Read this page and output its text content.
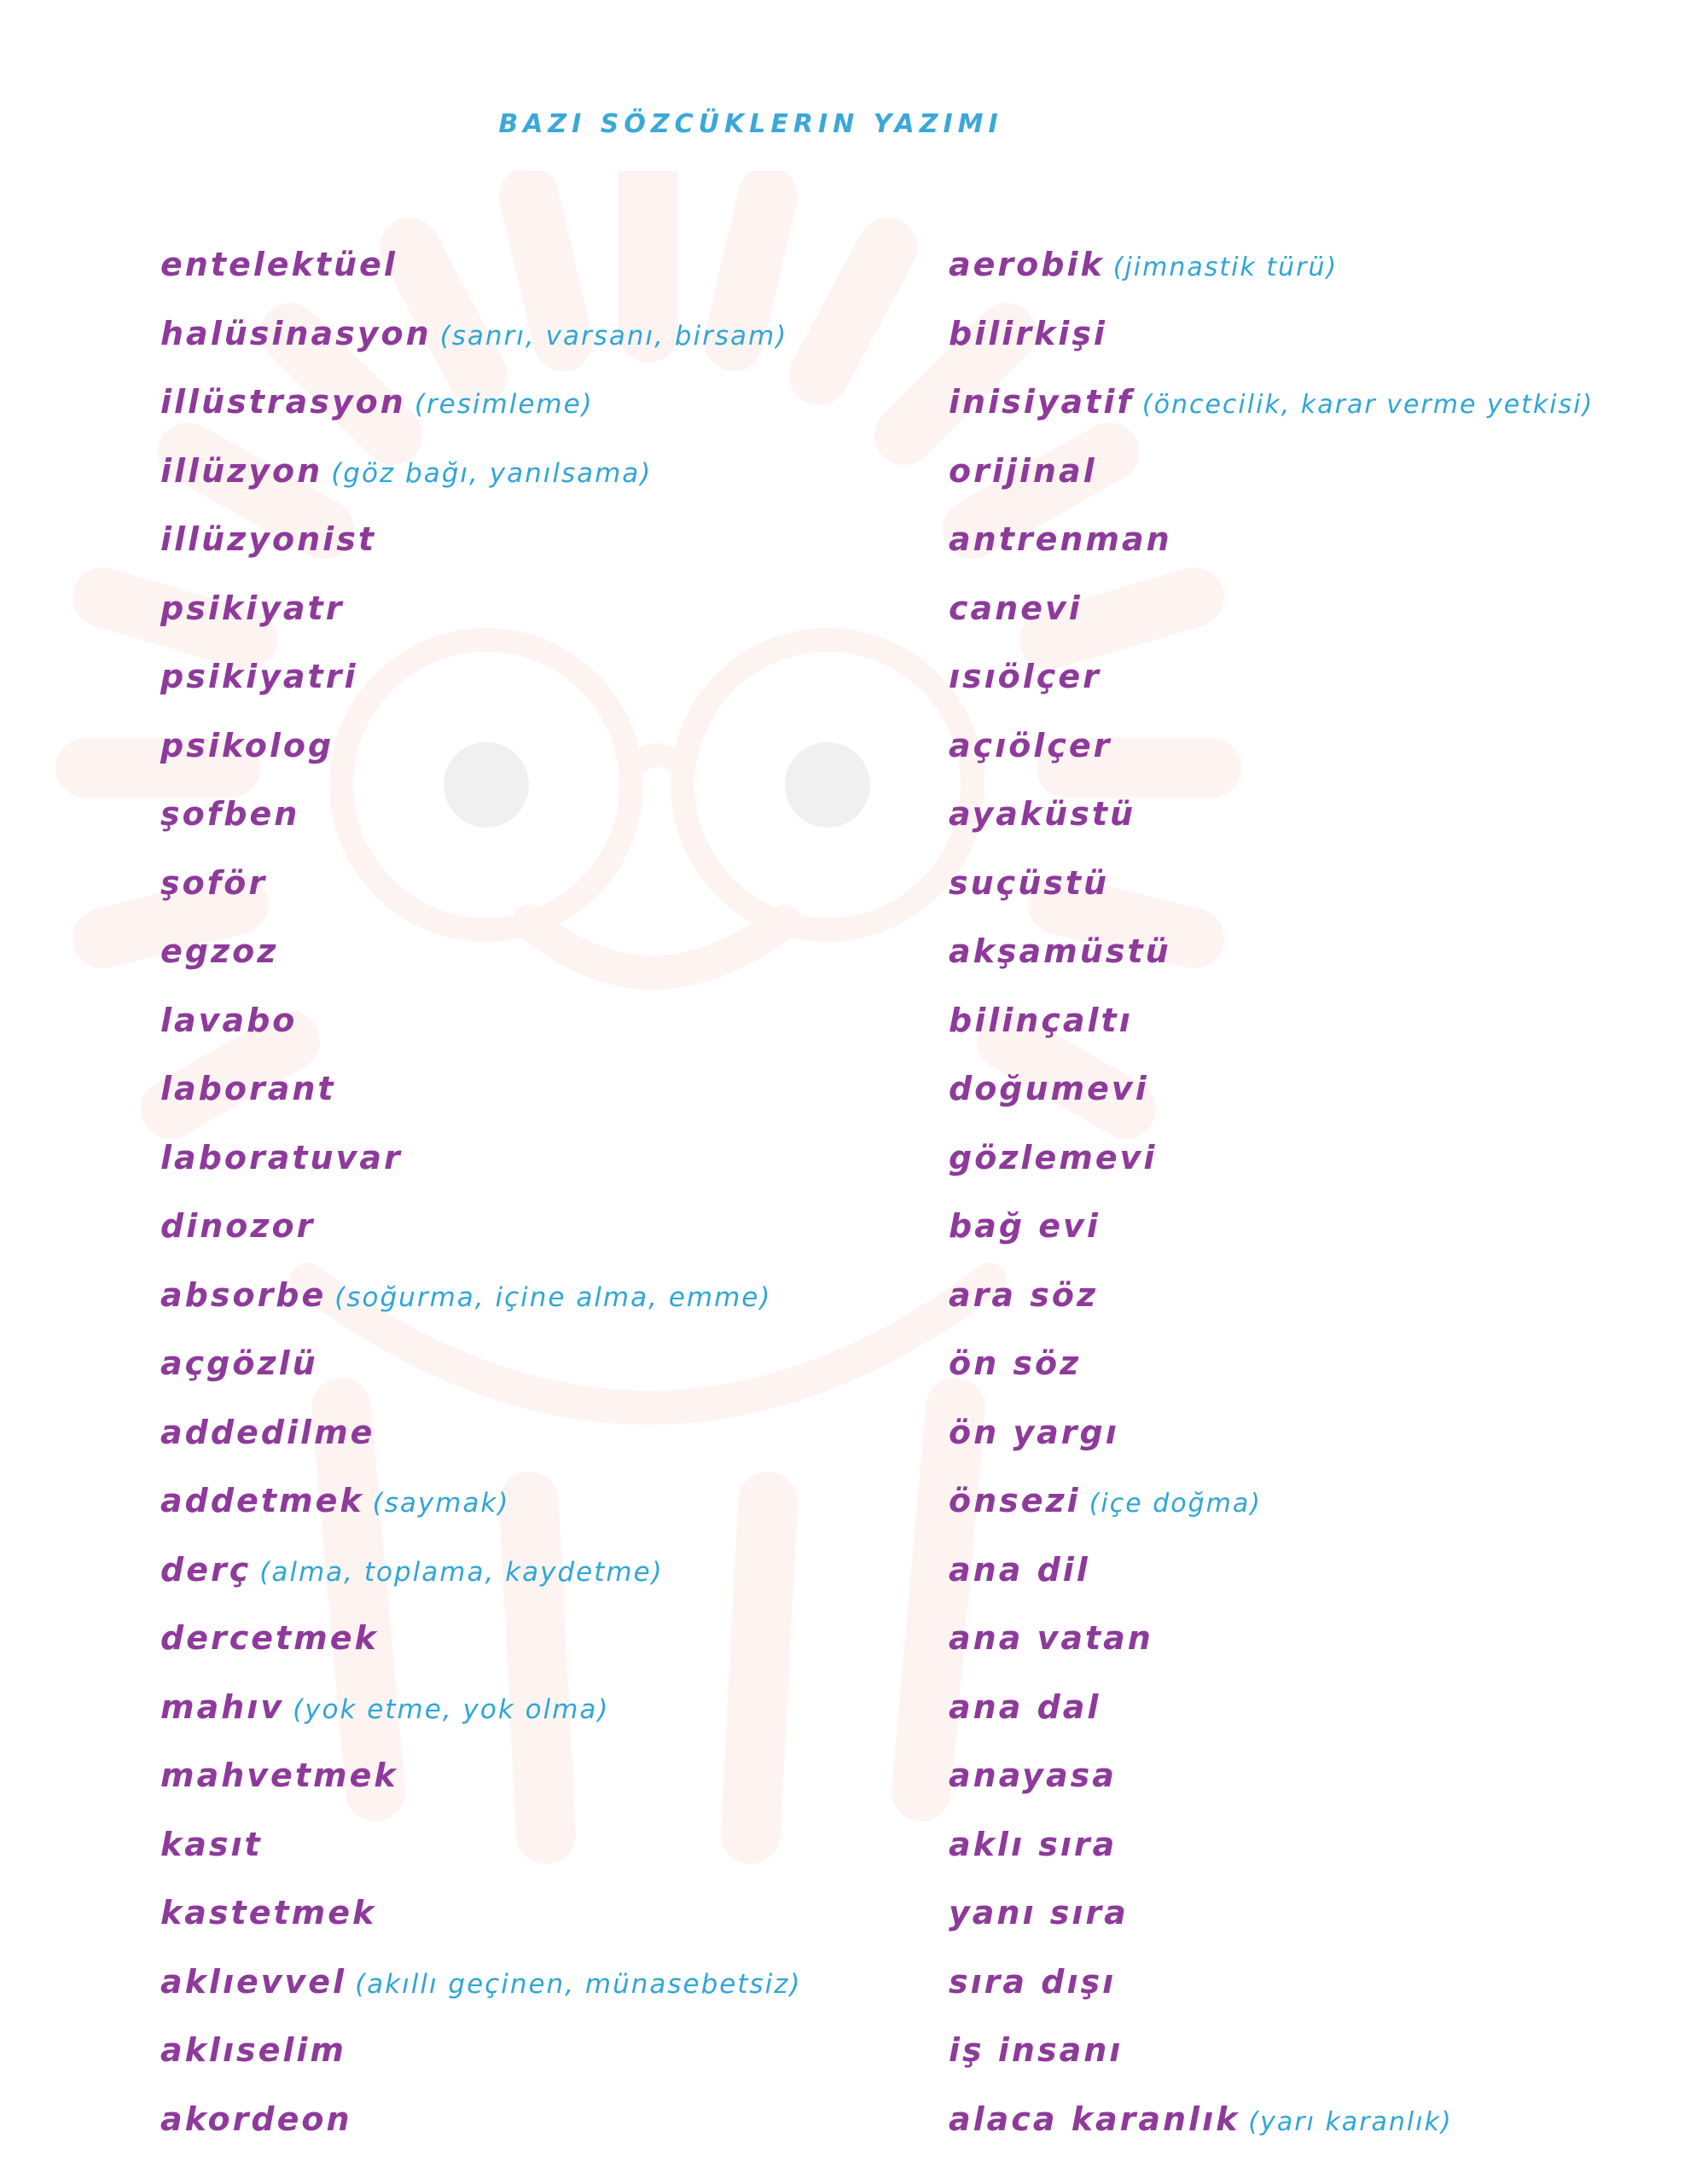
BAZI SÖZCÜKLERIN YAZIMI
entelektüel
halüsinasyon (sanrı, varsanı, birsam)
illüstrasyon (resimleme)
illüzyon (göz bağı, yanılsama)
illüzyonist
psikiyatr
psikiyatri
psikolog
şofben
şoför
egzoz
lavabo
laborant
laboratuvar
dinozor
absorbe (soğurma, içine alma, emme)
açgözlü
addedilme
addetmek (saymak)
derç (alma, toplama, kaydetme)
dercetmek
mahıv (yok etme, yok olma)
mahvetmek
kasıt
kastetmek
aklıevvel (akıllı geçinen, münasebetsiz)
aklıselim
akordeon
aerobik (jimnastik türü)
bilirkişi
inisiyatif (öncecilik, karar verme yetkisi)
orijinal
antrenman
canevi
ısıölçer
açıölçer
ayaküstü
suçüstü
akşamüstü
bilinçaltı
doğumevi
gözlemevi
bağ evi
ara söz
ön söz
ön yargı
önsezi (içe doğma)
ana dil
ana vatan
ana dal
anayasa
aklı sıra
yanı sıra
sıra dışı
iş insanı
alaca karanlık (yarı karanlık)
